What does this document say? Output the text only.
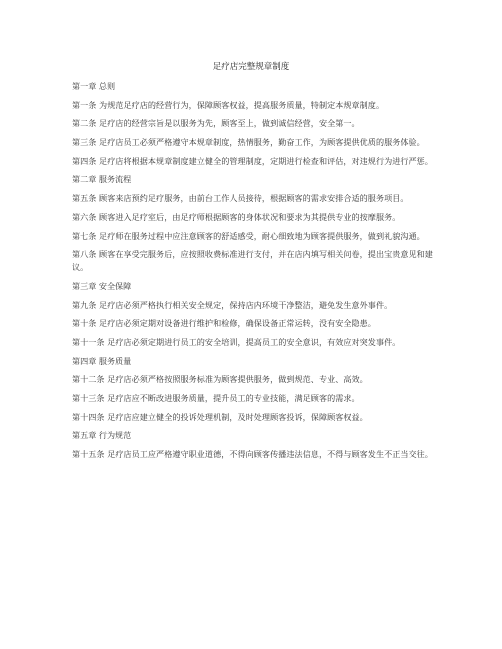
足疗店完整规章制度

第一章 总则

第一条 为规范足疗店的经营行为，保障顾客权益，提高服务质量，特制定本规章制度。

第二条 足疗店的经营宗旨是以服务为先，顾客至上，做到诚信经营，安全第一。

第三条 足疗店员工必须严格遵守本规章制度，热情服务，勤奋工作，为顾客提供优质的服务体验。

第四条 足疗店将根据本规章制度建立健全的管理制度，定期进行检查和评估，对违规行为进行严惩。

第二章 服务流程

第五条 顾客来店预约足疗服务，由前台工作人员接待，根据顾客的需求安排合适的服务项目。

第六条 顾客进入足疗室后，由足疗师根据顾客的身体状况和要求为其提供专业的按摩服务。

第七条 足疗师在服务过程中应注意顾客的舒适感受，耐心细致地为顾客提供服务，做到礼貌沟通。

第八条 顾客在享受完服务后，应按照收费标准进行支付，并在店内填写相关问卷，提出宝贵意见和建议。

第三章 安全保障

第九条 足疗店必须严格执行相关安全规定，保持店内环境干净整洁，避免发生意外事件。

第十条 足疗店必须定期对设备进行维护和检修，确保设备正常运转，没有安全隐患。

第十一条 足疗店必须定期进行员工的安全培训，提高员工的安全意识，有效应对突发事件。

第四章 服务质量

第十二条 足疗店必须严格按照服务标准为顾客提供服务，做到规范、专业、高效。

第十三条 足疗店应不断改进服务质量，提升员工的专业技能，满足顾客的需求。

第十四条 足疗店应建立健全的投诉处理机制，及时处理顾客投诉，保障顾客权益。

第五章 行为规范

第十五条 足疗店员工应严格遵守职业道德，不得向顾客传播违法信息，不得与顾客发生不正当交往。
